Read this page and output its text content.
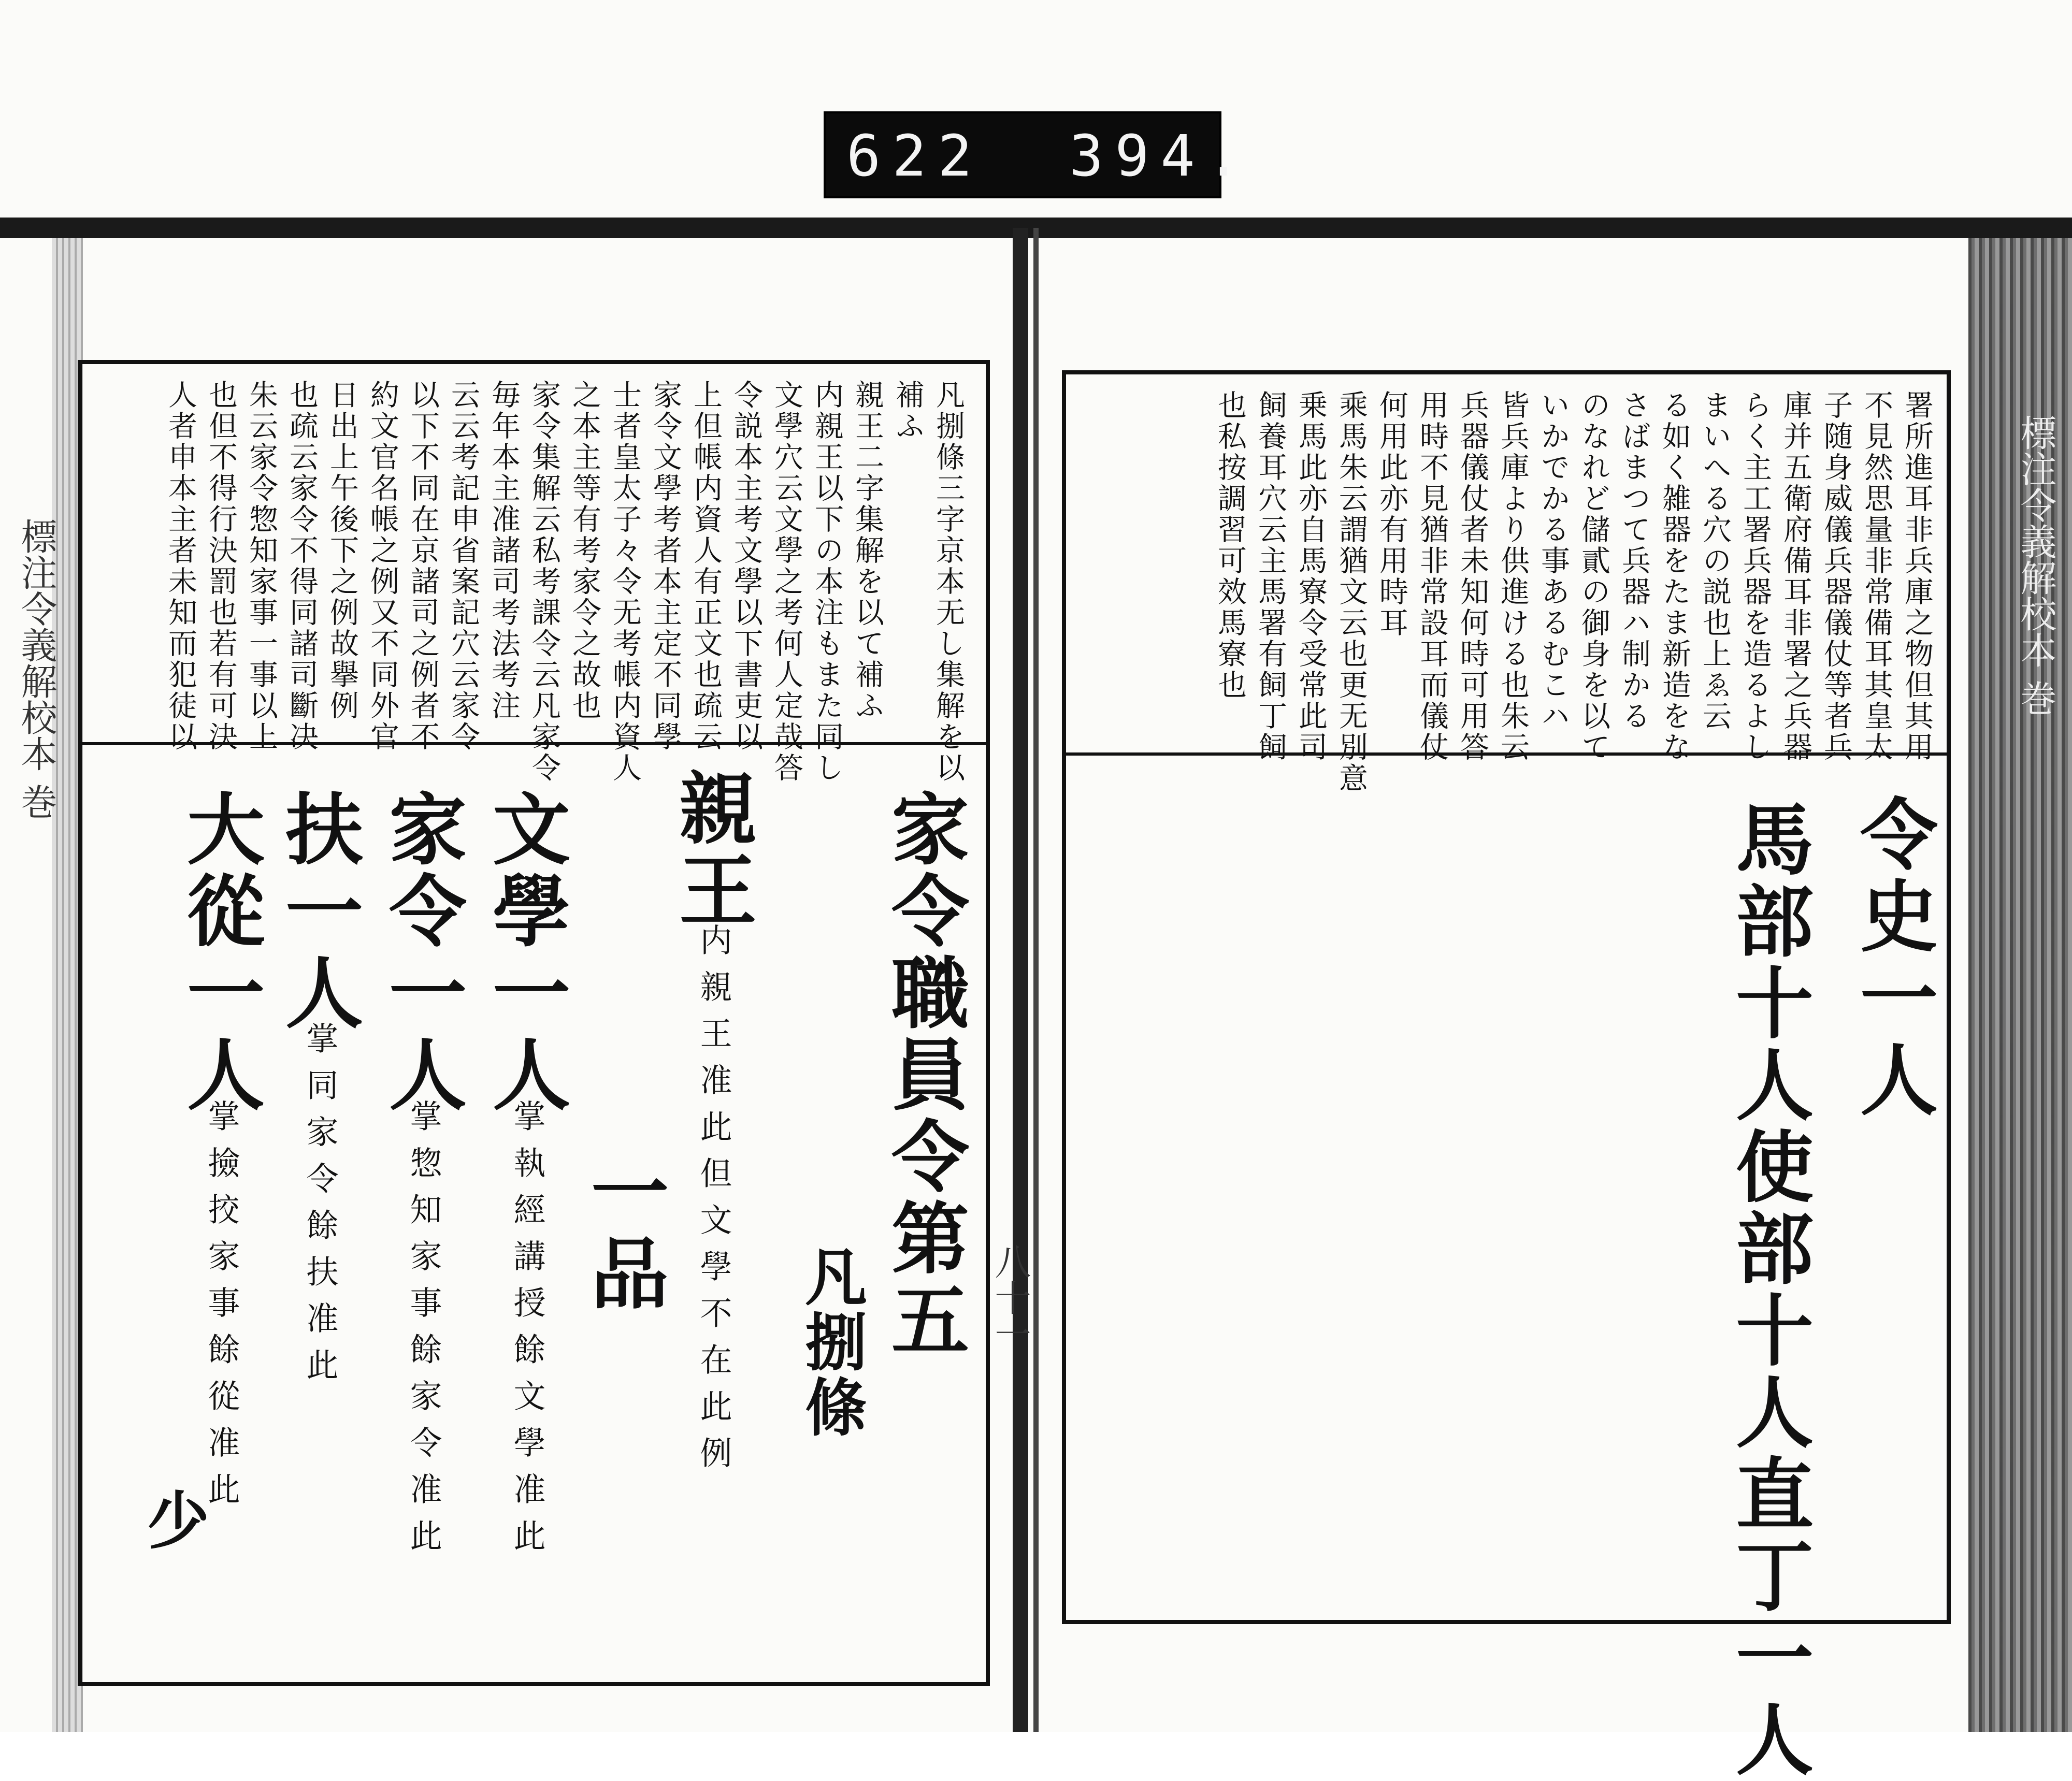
622 394.
標注令義解校本 巻
八十一
標注令義解校本 巻
凡捌條三字京本无し集解を以
補ふ
親王二字集解を以て補ふ
内親王以下の本注もまた同し
文學穴云文學之考何人定哉答
令説本主考文學以下書吏以
上但帳内資人有正文也疏云
家令文學考者本主定不同學
士者皇太子々令无考帳内資人
之本主等有考家令之故也
家令集解云私考課令云凡家令
毎年本主准諸司考法考注
云云考記申省案記穴云家令
以下不同在京諸司之例者不
約文官名帳之例又不同外官
日出上午後下之例故擧例
也疏云家令不得同諸司斷决
朱云家令惣知家事一事以上
也但不得行決罰也若有可決
人者申本主者未知而犯徒以
家令職員令第五
凡捌條
親王
内親王准此但文學不在此例
一品
文學一人
掌執經講授餘文學准此
家令一人
掌惣知家事餘家令准此
扶一人
掌同家令餘扶准此
大從一人
掌撿挍家事餘從准此
少
署所進耳非兵庫之物但其用
不見然思量非常備耳其皇太
子随身威儀兵器儀仗等者兵
庫并五衛府備耳非署之兵器
らく主工署兵器を造るよし
まいへる穴の説也上ゑ云
る如く雑器をたま新造をな
さばまつて兵器ハ制かる
のなれど儲貳の御身を以て
いかでかる事あるむこハ
皆兵庫より供進ける也朱云
兵器儀仗者未知何時可用答
用時不見猶非常設耳而儀仗
何用此亦有用時耳
乘馬朱云謂猶文云也更无別意
乗馬此亦自馬寮令受常此司
飼養耳穴云主馬署有飼丁飼
也私按調習可效馬寮也
令史一人
馬部十人使部十人直丁一人
